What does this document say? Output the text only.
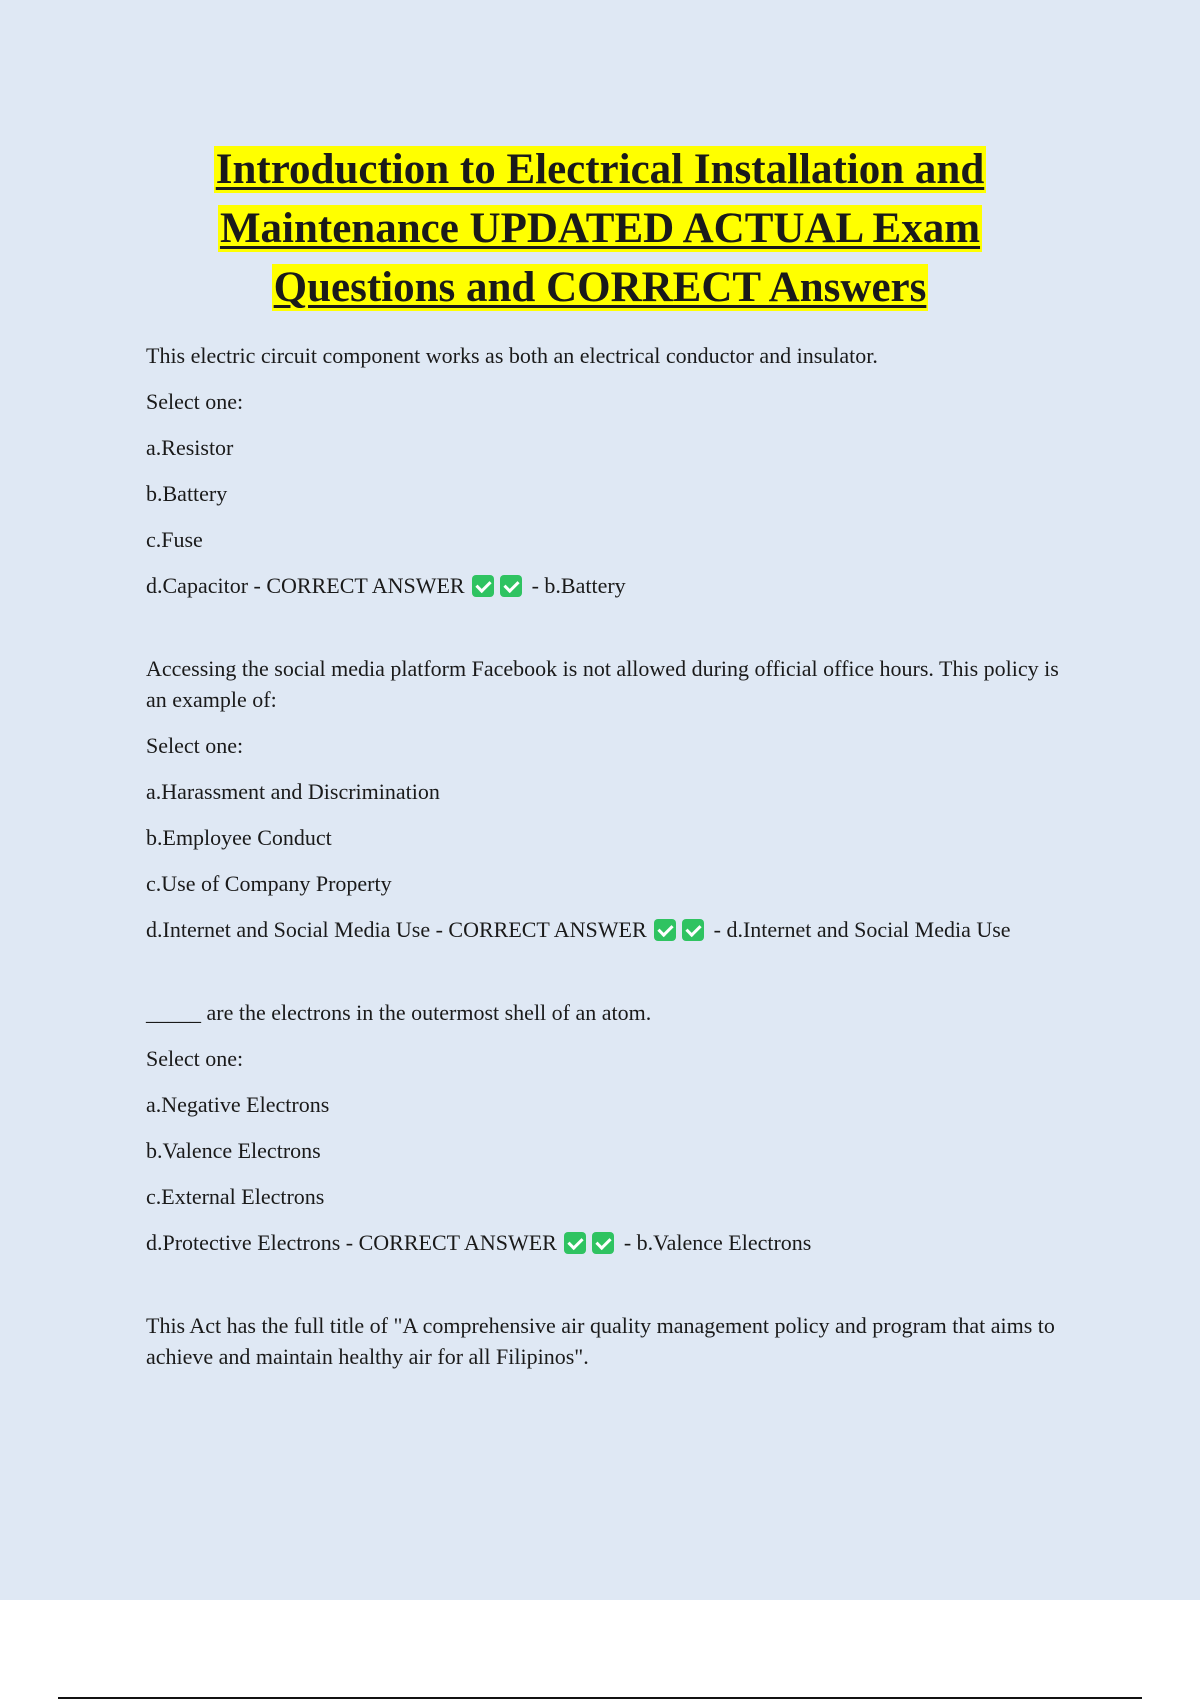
Introduction to Electrical Installation and
Maintenance UPDATED ACTUAL Exam
Questions and CORRECT Answers
This electric circuit component works as both an electrical conductor and insulator.
Select one:
a.Resistor
b.Battery
c.Fuse
d.Capacitor - CORRECT ANSWER	- b.Battery
Accessing the social media platform Facebook is not allowed during official office hours. This policy is an example of:
Select one:
a.Harassment and Discrimination
b.Employee Conduct
c.Use of Company Property
d.Internet and Social Media Use - CORRECT ANSWER	- d.Internet and Social Media Use
_____ are the electrons in the outermost shell of an atom.
Select one:
a.Negative Electrons
b.Valence Electrons
c.External Electrons
d.Protective Electrons - CORRECT ANSWER	- b.Valence Electrons
This Act has the full title of "A comprehensive air quality management policy and program that aims to achieve and maintain healthy air for all Filipinos".
